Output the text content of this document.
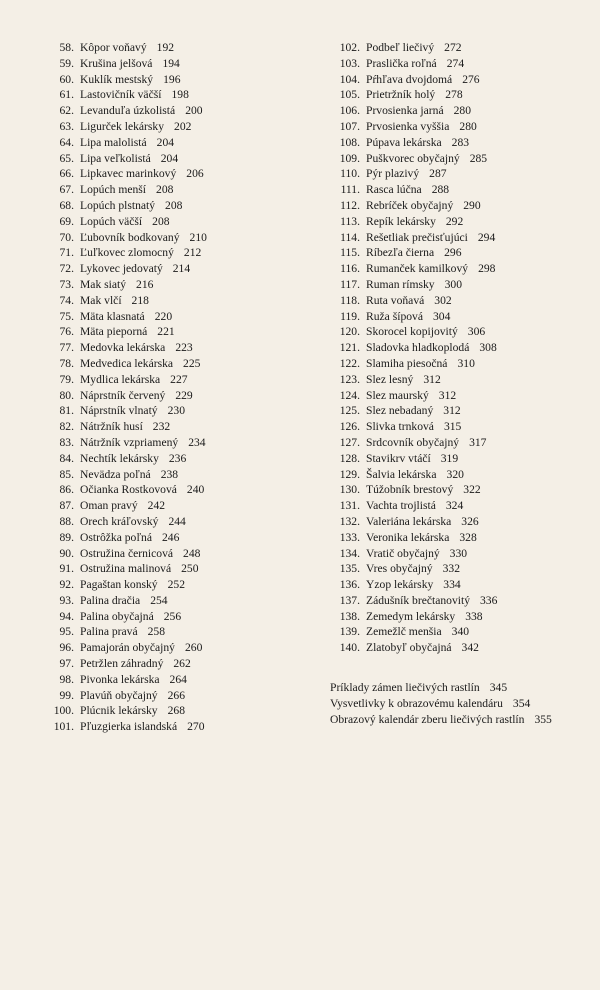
58. Kôpor voňavý 192
59. Krušina jelšová 194
60. Kuklík mestský 196
61. Lastovičník väčší 198
62. Levanduľa úzkolistá 200
63. Ligurček lekársky 202
64. Lipa malolistá 204
65. Lipa veľkolistá 204
66. Lipkavec marinkový 206
67. Lopúch menší 208
68. Lopúch plstnatý 208
69. Lopúch väčší 208
70. Ľubovník bodkovaný 210
71. Ľuľkovec zlomocný 212
72. Lykovec jedovatý 214
73. Mak siatý 216
74. Mak vlčí 218
75. Mäta klasnatá 220
76. Mäta pieporná 221
77. Medovka lekárska 223
78. Medvedica lekárska 225
79. Mydlica lekárska 227
80. Náprstník červený 229
81. Náprstník vlnatý 230
82. Nátržník husí 232
83. Nátržník vzpriamený 234
84. Nechtík lekársky 236
85. Nevädza poľná 238
86. Očianka Rostkovová 240
87. Oman pravý 242
88. Orech kráľovský 244
89. Ostrôžka poľná 246
90. Ostružina černicová 248
91. Ostružina malinová 250
92. Pagaštan konský 252
93. Palina dračia 254
94. Palina obyčajná 256
95. Palina pravá 258
96. Pamajorán obyčajný 260
97. Petržlen záhradný 262
98. Pivonka lekárska 264
99. Plavúň obyčajný 266
100. Plúcnik lekársky 268
101. Pľuzgierka islandská 270
102. Podbeľ liečivý 272
103. Praslička roľná 274
104. Pŕhľava dvojdomá 276
105. Prietržník holý 278
106. Prvosienka jarná 280
107. Prvosienka vyššia 280
108. Púpava lekárska 283
109. Puškvorec obyčajný 285
110. Pýr plazivý 287
111. Rasca lúčna 288
112. Rebríček obyčajný 290
113. Repík lekársky 292
114. Rešetliak prečisťujúci 294
115. Ríbezľa čierna 296
116. Rumanček kamilkový 298
117. Ruman rímsky 300
118. Ruta voňavá 302
119. Ruža šípová 304
120. Skorocel kopijovitý 306
121. Sladovka hladkoplodá 308
122. Slamiha piesočná 310
123. Slez lesný 312
124. Slez maurský 312
125. Slez nebadaný 312
126. Slivka trnková 315
127. Srdcovník obyčajný 317
128. Stavikrv vtáčí 319
129. Šalvia lekárska 320
130. Túžobník brestový 322
131. Vachta trojlistá 324
132. Valeriána lekárska 326
133. Veronika lekárska 328
134. Vratič obyčajný 330
135. Vres obyčajný 332
136. Yzop lekársky 334
137. Zádušník brečtanovitý 336
138. Zemedym lekársky 338
139. Zemežlč menšia 340
140. Zlatobyľ obyčajná 342
Príklady zámen liečivých rastlín 345
Vysvetlivky k obrazovému kalendáru 354
Obrazový kalendár zberu liečivých rastlín 355
